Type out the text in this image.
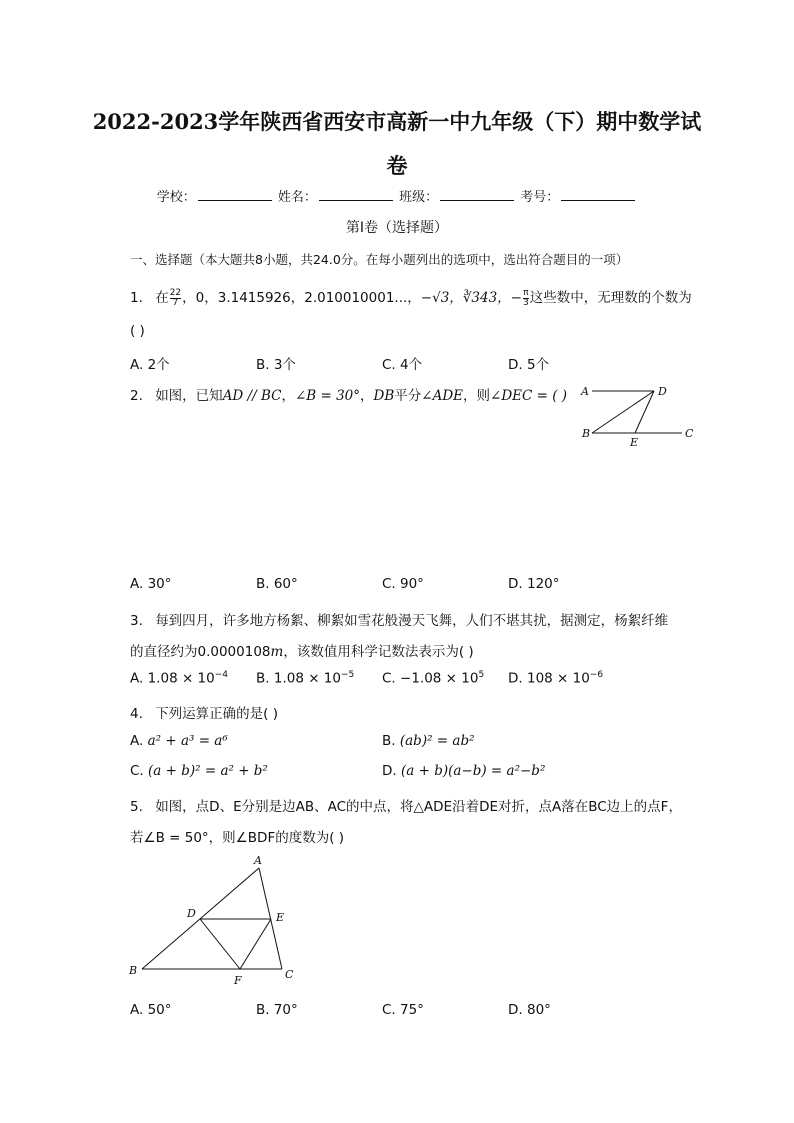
2022-2023学年陕西省西安市高新一中九年级（下）期中数学试卷
学校：	姓名：	班级：	考号：
第Ⅰ卷（选择题）
一、选择题（本大题共8小题，共24.0分。在每小题列出的选项中，选出符合题目的一项）
1. 在 $\frac{22}{7}$ ，0，3.1415926，2.010010001...，−√3，∛343，− $\frac{\pi}{3}$ 这些数中，无理数的个数为
( )
A. 2个	B. 3个	C. 4个	D. 5个
2. 如图，已知AD // BC，∠B = 30°，DB平分∠ADE，则∠DEC = ( ) A	D
B
E
C
A. 30°	B. 60°	C. 90°	D. 120°
3. 每到四月，许多地方杨絮、柳絮如雪花般漫天飞舞，人们不堪其扰，据测定，杨絮纤维
的直径约为0.0000108m，该数值用科学记数法表示为( )
A. $1.08 \times 10^{-4}$ B. $1.08 \times 10^{-5}$ C. $-1.08 \times 10^5$ D. $108 \times 10^{-6}$
4. 下列运算正确的是( )
A. a² + a³ = a⁶	B. (ab)² = ab²
C. (a + b)² = a² + b²	D. (a + b)(a−b) = a²−b²
5. 如图，点D、E分别是边AB、AC的中点，将△ADE沿着DE对折，点A落在BC边上的点F，
若∠B = 50°，则∠BDF的度数为( )
A
D	E
B
F	C
A. 50°	B. 70°	C. 75°	D. 80°
